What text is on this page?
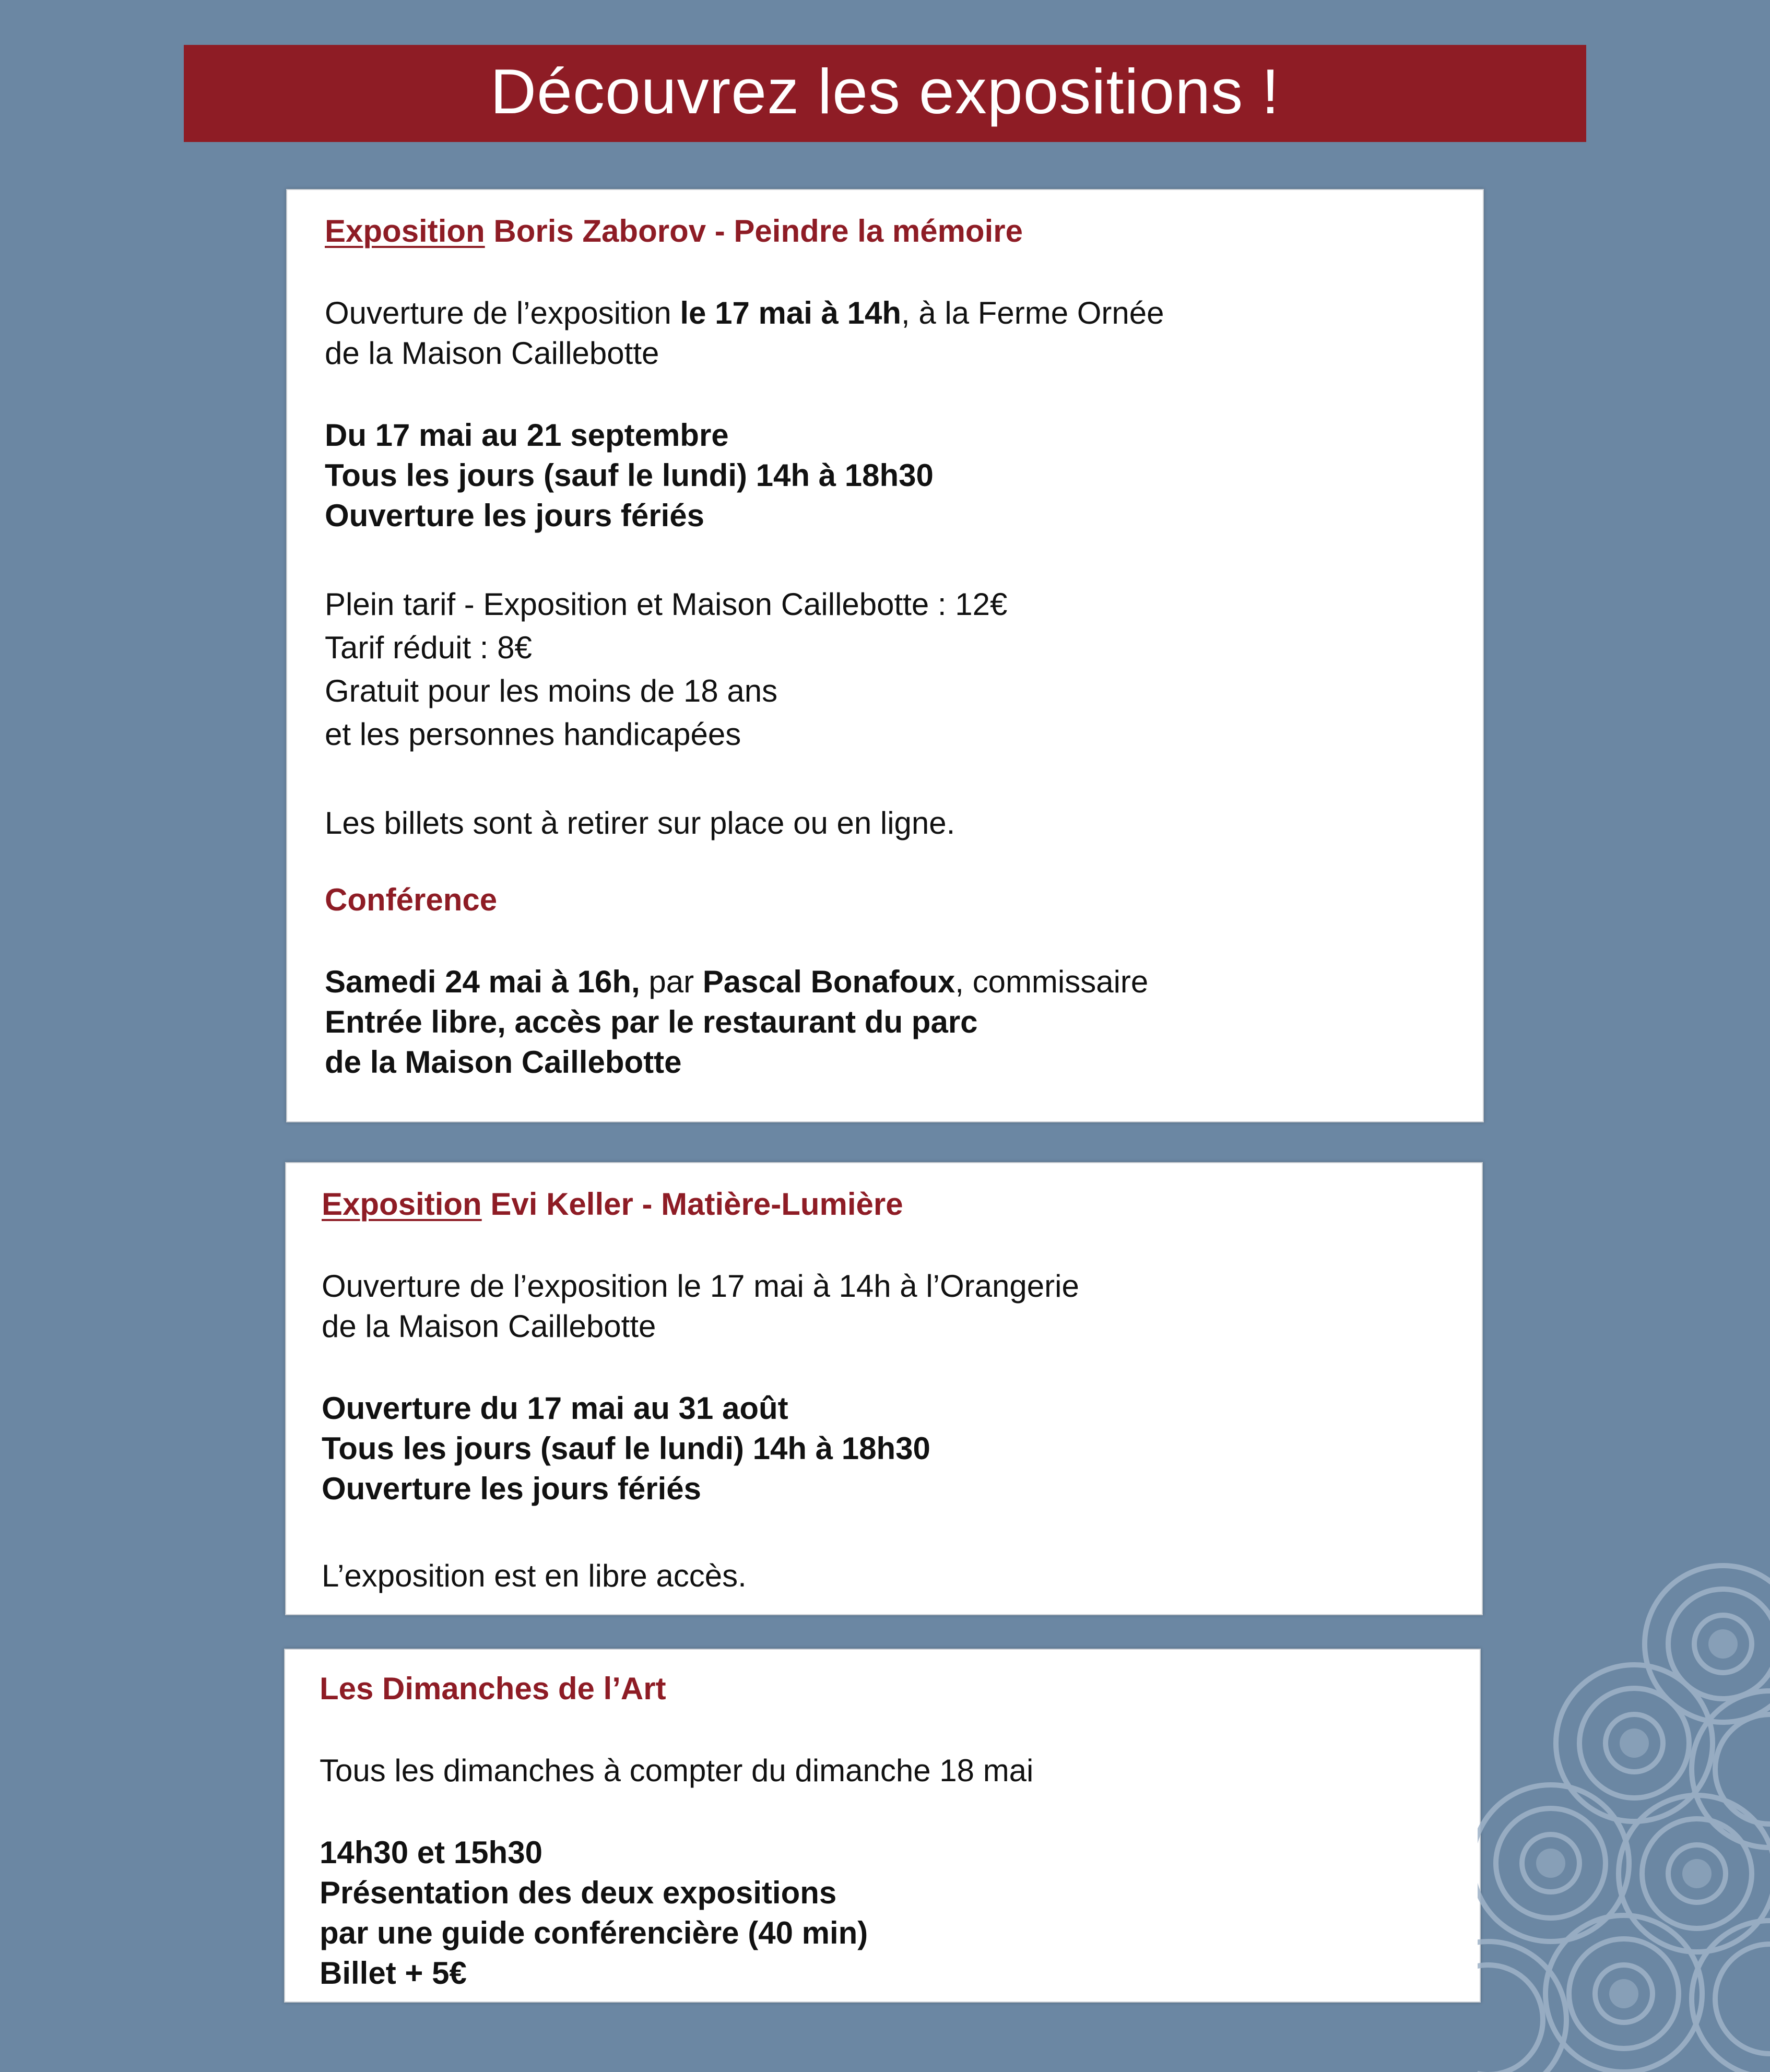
Découvrez les expositions !
Exposition Boris Zaborov - Peindre la mémoire
Ouverture de l’exposition le 17 mai à 14h, à la Ferme Ornée
de la Maison Caillebotte
Du 17 mai au 21 septembre
Tous les jours (sauf le lundi) 14h à 18h30
Ouverture les jours fériés
Plein tarif - Exposition et Maison Caillebotte : 12€
Tarif réduit : 8€
Gratuit pour les moins de 18 ans
et les personnes handicapées
Les billets sont à retirer sur place ou en ligne.
Conférence
Samedi 24 mai à 16h, par Pascal Bonafoux, commissaire
Entrée libre, accès par le restaurant du parc
de la Maison Caillebotte
Exposition Evi Keller - Matière-Lumière
Ouverture de l’exposition le 17 mai à 14h à l’Orangerie
de la Maison Caillebotte
Ouverture du 17 mai au 31 août
Tous les jours (sauf le lundi) 14h à 18h30
Ouverture les jours fériés
L’exposition est en libre accès.
Les Dimanches de l’Art
Tous les dimanches à compter du dimanche 18 mai
14h30 et 15h30
Présentation des deux expositions
par une guide conférencière (40 min)
Billet + 5€
